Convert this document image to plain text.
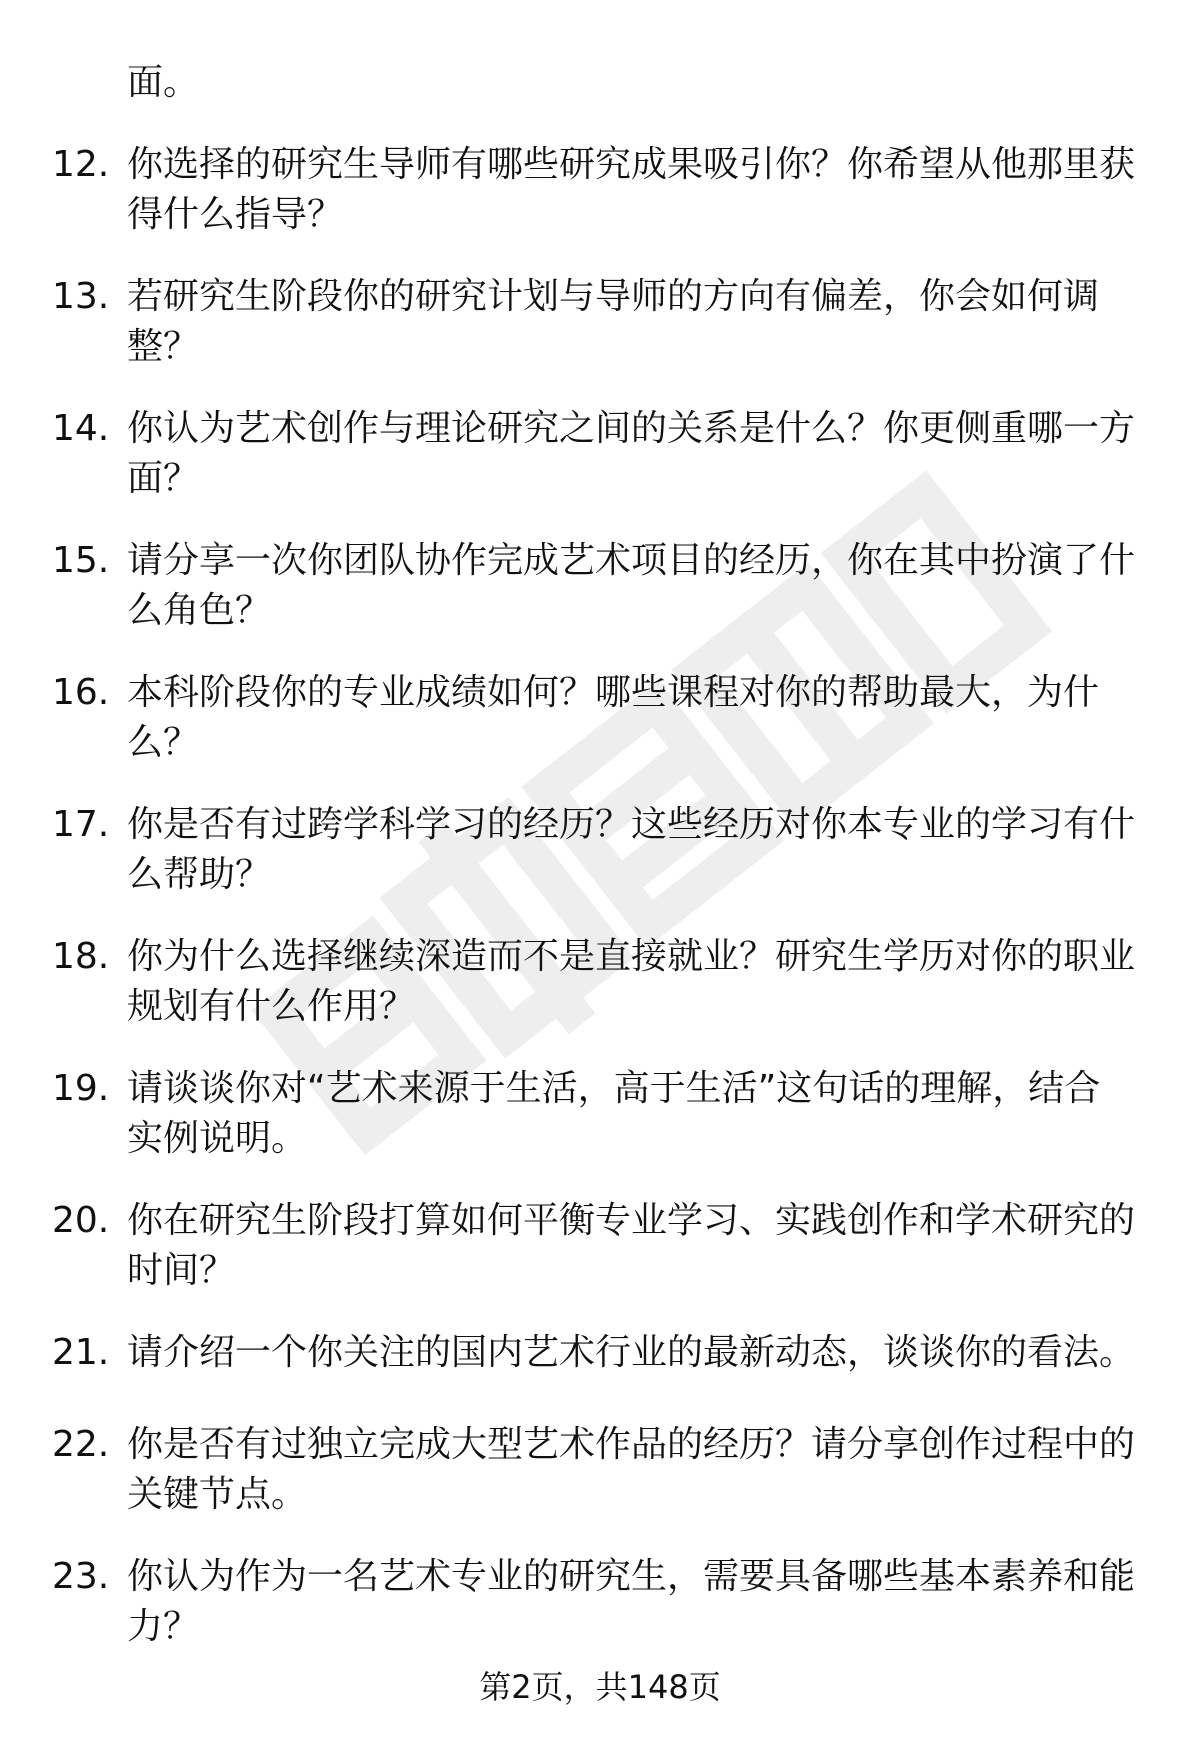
面。
12. 你选择的研究生导师有哪些研究成果吸引你？你希望从他那里获
得什么指导？
13. 若研究生阶段你的研究计划与导师的方向有偏差，你会如何调
整？
14. 你认为艺术创作与理论研究之间的关系是什么？你更侧重哪一方
面？
15. 请分享一次你团队协作完成艺术项目的经历，你在其中扮演了什
么角色？
16. 本科阶段你的专业成绩如何？哪些课程对你的帮助最大，为什
么？
17. 你是否有过跨学科学习的经历？这些经历对你本专业的学习有什
么帮助？
18. 你为什么选择继续深造而不是直接就业？研究生学历对你的职业
规划有什么作用？
19. 请谈谈你对“艺术来源于生活，高于生活”这句话的理解，结合
实例说明。
20. 你在研究生阶段打算如何平衡专业学习、实践创作和学术研究的
时间？
21. 请介绍一个你关注的国内艺术行业的最新动态，谈谈你的看法。
22. 你是否有过独立完成大型艺术作品的经历？请分享创作过程中的
关键节点。
23. 你认为作为一名艺术专业的研究生，需要具备哪些基本素养和能
力？
第2页，共148页
